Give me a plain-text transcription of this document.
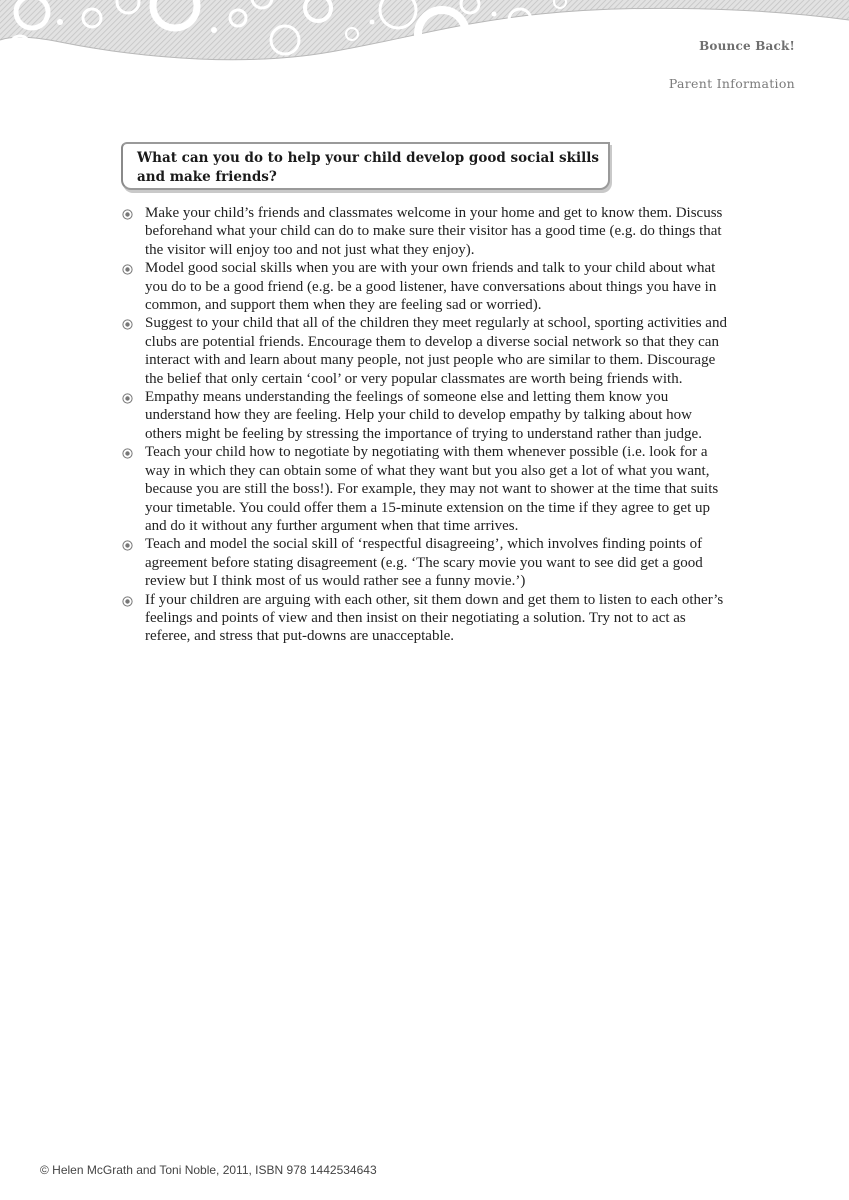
Bounce Back!
Parent Information
What can you do to help your child develop good social skills and make friends?
Make your child’s friends and classmates welcome in your home and get to know them. Discuss beforehand what your child can do to make sure their visitor has a good time (e.g. do things that the visitor will enjoy too and not just what they enjoy).
Model good social skills when you are with your own friends and talk to your child about what you do to be a good friend (e.g. be a good listener, have conversations about things you have in common, and support them when they are feeling sad or worried).
Suggest to your child that all of the children they meet regularly at school, sporting activities and clubs are potential friends. Encourage them to develop a diverse social network so that they can interact with and learn about many people, not just people who are similar to them. Discourage the belief that only certain ‘cool’ or very popular classmates are worth being friends with.
Empathy means understanding the feelings of someone else and letting them know you understand how they are feeling. Help your child to develop empathy by talking about how others might be feeling by stressing the importance of trying to understand rather than judge.
Teach your child how to negotiate by negotiating with them whenever possible (i.e. look for a way in which they can obtain some of what they want but you also get a lot of what you want, because you are still the boss!). For example, they may not want to shower at the time that suits your timetable. You could offer them a 15-minute extension on the time if they agree to get up and do it without any further argument when that time arrives.
Teach and model the social skill of ‘respectful disagreeing’, which involves finding points of agreement before stating disagreement (e.g. ‘The scary movie you want to see did get a good review but I think most of us would rather see a funny movie.’)
If your children are arguing with each other, sit them down and get them to listen to each other’s feelings and points of view and then insist on their negotiating a solution. Try not to act as referee, and stress that put-downs are unacceptable.
© Helen McGrath and Toni Noble, 2011, ISBN 978 1442534643
